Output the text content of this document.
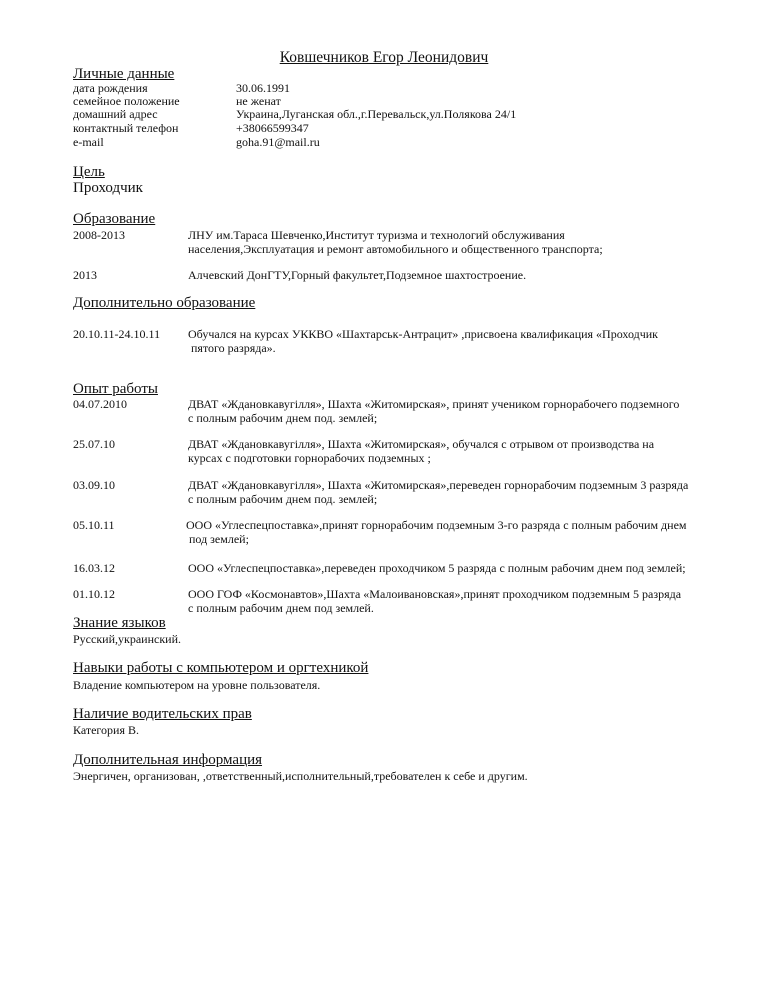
Ковшечников Егор Леонидович
Личные данные
дата рождения	30.06.1991
семейное положение	не женат
домашний адрес	Украина,Луганская обл.,г.Перевальск,ул.Полякова 24/1
контактный телефон	+38066599347
e-mail	goha.91@mail.ru
Цель
Проходчик
Образование
2008-2013	ЛНУ им.Тараса Шевченко,Институт туризма и технологий обслуживания
населения,Эксплуатация и ремонт автомобильного и общественного транспорта;
2013	Алчевский ДонГТУ,Горный факультет,Подземное шахтостроение.
Дополнительно образование
20.10.11-24.10.11 Обучался на курсах УККВО «Шахтарськ-Антрацит» ,присвоена квалификация «Проходчик
пятого разряда».
Опыт работы
04.07.2010	ДВАТ «Ждановкавугілля», Шахта «Житомирская», принят учеником горнорабочего подземного
с полным рабочим днем под. землей;
25.07.10	ДВАТ «Ждановкавугілля», Шахта «Житомирская», обучался с отрывом от производства на
курсах с подготовки горнорабочих подземных ;
03.09.10	ДВАТ «Ждановкавугілля», Шахта «Житомирская»,переведен горнорабочим подземным 3 разряда
с полным рабочим днем под. землей;
05.10.11	ООО «Углеспецпоставка»,принят горнорабочим подземным 3-го разряда с полным рабочим днем
под землей;
16.03.12	ООО «Углеспецпоставка»,переведен проходчиком 5 разряда с полным рабочим днем под землей;
01.10.12	ООО ГОФ «Космонавтов»,Шахта «Малоивановская»,принят проходчиком подземным 5 разряда
с полным рабочим днем под землей.
Знание языков
Русский,украинский.
Навыки работы с компьютером и оргтехникой
Владение компьютером на уровне пользователя.
Наличие водительских прав
Категория В.
Дополнительная информация
Энергичен, организован, ,ответственный,исполнительный,требователен к себе и другим.
